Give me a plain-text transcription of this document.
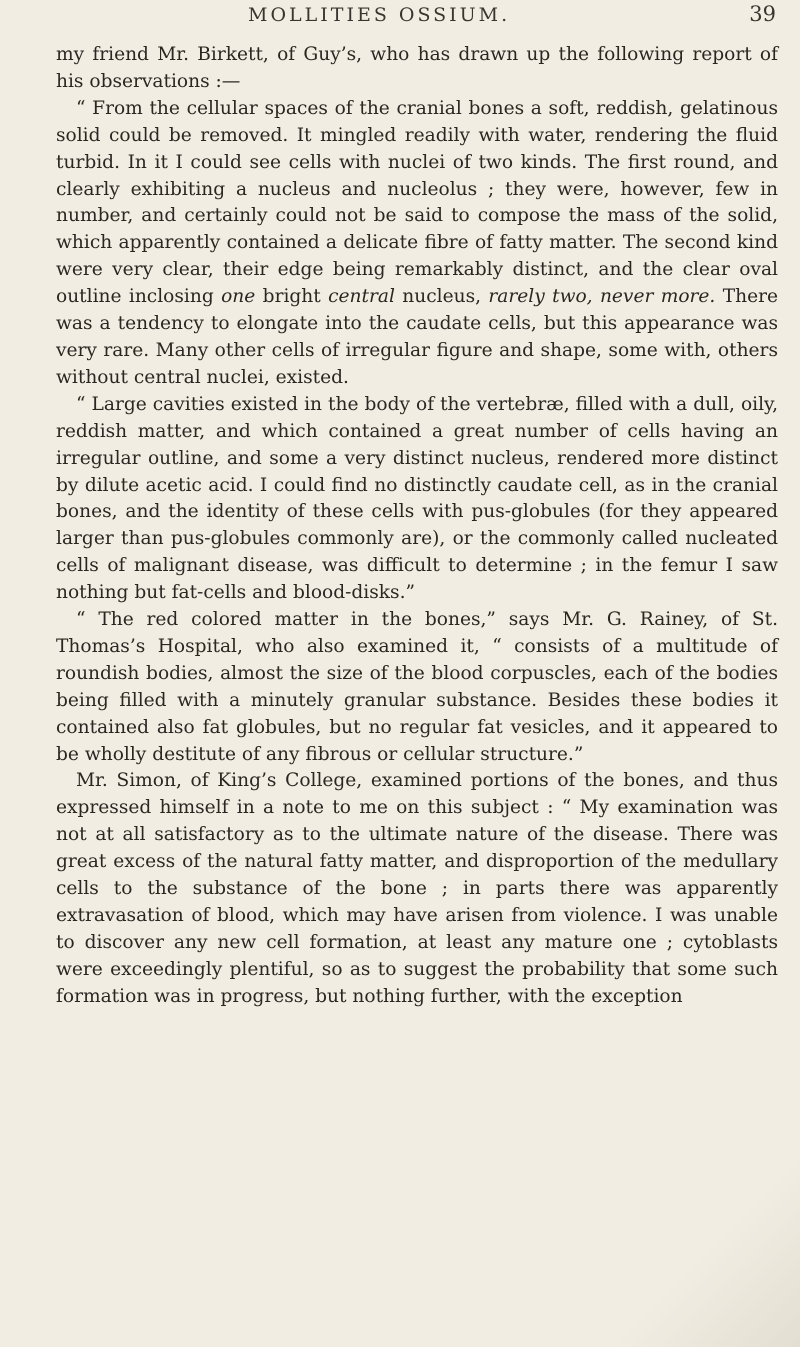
MOLLITIES OSSIUM.	39

my friend Mr. Birkett, of Guy’s, who has drawn up the following report of his observations :—

“ From the cellular spaces of the cranial bones a soft, reddish, gelatinous solid could be removed. It mingled readily with water, rendering the fluid turbid. In it I could see cells with nuclei of two kinds. The first round, and clearly exhibiting a nucleus and nucleolus ; they were, however, few in number, and certainly could not be said to compose the mass of the solid, which apparently contained a delicate fibre of fatty matter. The second kind were very clear, their edge being remarkably distinct, and the clear oval outline inclosing one bright central nucleus, rarely two, never more. There was a tendency to elongate into the caudate cells, but this appearance was very rare. Many other cells of irregular figure and shape, some with, others without central nuclei, existed.

“ Large cavities existed in the body of the vertebræ, filled with a dull, oily, reddish matter, and which contained a great number of cells having an irregular outline, and some a very distinct nucleus, rendered more distinct by dilute acetic acid. I could find no distinctly caudate cell, as in the cranial bones, and the identity of these cells with pus-globules (for they appeared larger than pus-globules commonly are), or the commonly called nucleated cells of malignant disease, was difficult to determine ; in the femur I saw nothing but fat-cells and blood-disks.”

“ The red colored matter in the bones,” says Mr. G. Rainey, of St. Thomas’s Hospital, who also examined it, “ consists of a multitude of roundish bodies, almost the size of the blood corpuscles, each of the bodies being filled with a minutely granular substance. Besides these bodies it contained also fat globules, but no regular fat vesicles, and it appeared to be wholly destitute of any fibrous or cellular structure.”

Mr. Simon, of King’s College, examined portions of the bones, and thus expressed himself in a note to me on this subject : “ My examination was not at all satisfactory as to the ultimate nature of the disease. There was great excess of the natural fatty matter, and disproportion of the medullary cells to the substance of the bone ; in parts there was apparently extravasation of blood, which may have arisen from violence. I was unable to discover any new cell formation, at least any mature one ; cytoblasts were exceedingly plentiful, so as to suggest the probability that some such formation was in progress, but nothing further, with the exception
